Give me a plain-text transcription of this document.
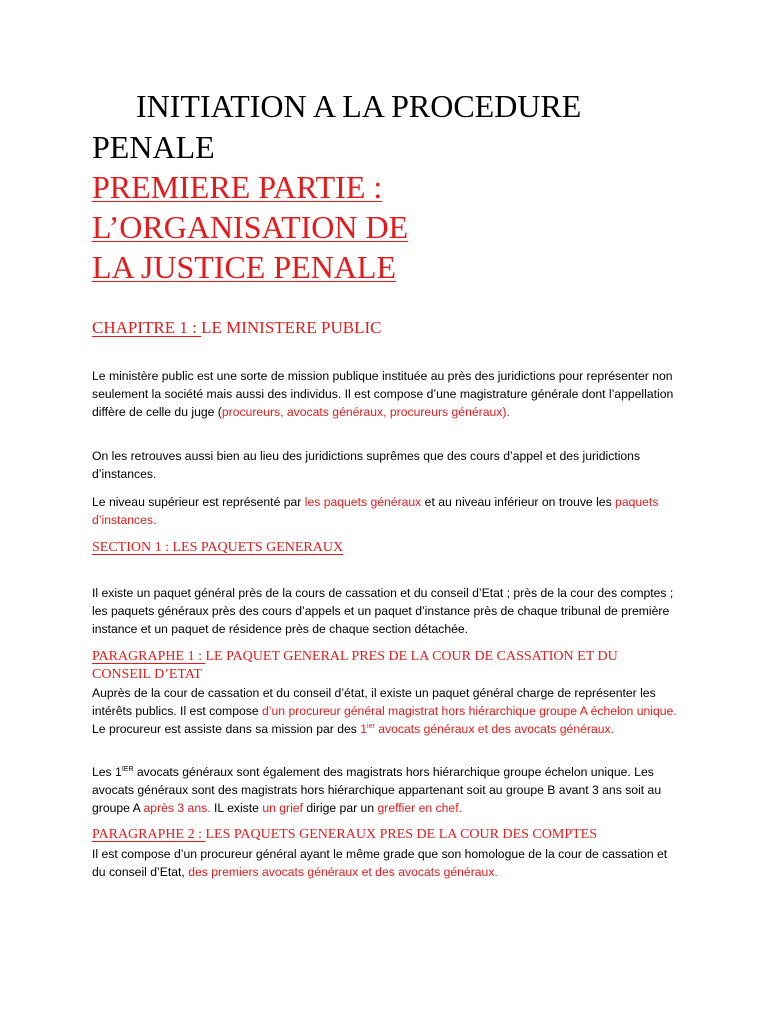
INITIATION A LA PROCEDURE
PENALE
PREMIERE PARTIE :
L’ORGANISATION DE
LA JUSTICE PENALE
CHAPITRE 1 : LE MINISTERE PUBLIC

Le ministère public est une sorte de mission publique instituée au près des juridictions pour représenter non seulement la société mais aussi des individus. Il est compose d’une magistrature générale dont l’appellation diffère de celle du juge (procureurs, avocats généraux, procureurs généraux).

On les retrouves aussi bien au lieu des juridictions suprêmes que des cours d’appel et des juridictions d’instances.

Le niveau supérieur est représenté par les paquets généraux et au niveau inférieur on trouve les paquets d’instances.

SECTION 1 : LES PAQUETS GENERAUX

Il existe un paquet général près de la cours de cassation et du conseil d’Etat ; près de la cour des comptes ; les paquets généraux près des cours d’appels et un paquet d’instance près de chaque tribunal de première instance et un paquet de résidence près de chaque section détachée.

PARAGRAPHE 1 : LE PAQUET GENERAL PRES DE LA COUR DE CASSATION ET DU CONSEIL D’ETAT

Auprès de la cour de cassation et du conseil d’état, il existe un paquet général charge de représenter les intérêts publics. Il est compose d’un procureur général magistrat hors hiérarchique groupe A échelon unique. Le procureur est assiste dans sa mission par des $1^{ier}$ avocats généraux et des avocats généraux.

Les $1^{IER}$ avocats généraux sont également des magistrats hors hiérarchique groupe échelon unique. Les avocats généraux sont des magistrats hors hiérarchique appartenant soit au groupe B avant 3 ans soit au groupe A après 3 ans. IL existe un grief dirige par un greffier en chef.

PARAGRAPHE 2 : LES PAQUETS GENERAUX PRES DE LA COUR DES COMPTES

Il est compose d’un procureur général ayant le même grade que son homologue de la cour de cassation et du conseil d’Etat, des premiers avocats généraux et des avocats généraux.
